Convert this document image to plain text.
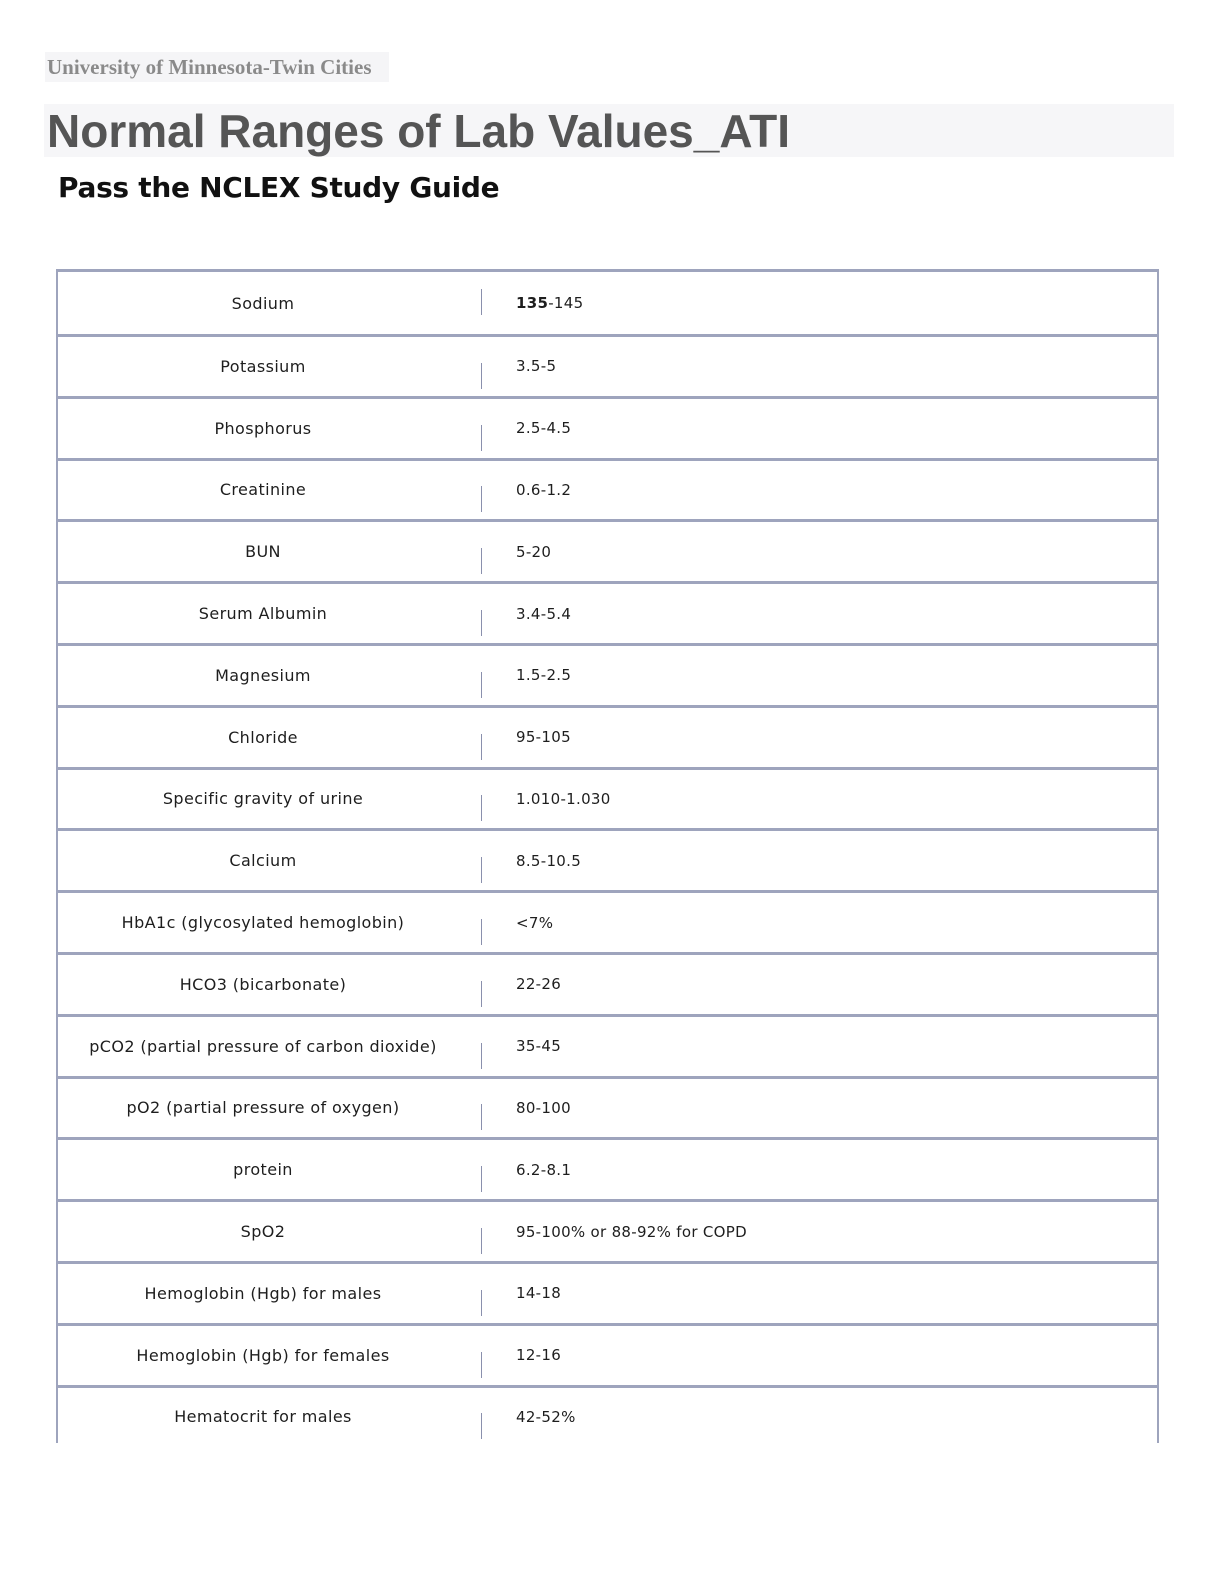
University of Minnesota-Twin Cities
Normal Ranges of Lab Values_ATI
Pass the NCLEX Study Guide
Sodium	135 -145
Potassium	3.5-5
Phosphorus	2.5-4.5
Creatinine	0.6-1.2
BUN	5-20
Serum Albumin	3.4-5.4
Magnesium	1.5-2.5
Chloride	95-105
Specific gravity of urine	1.010-1.030
Calcium	8.5-10.5
HbA1c (glycosylated hemoglobin)	<7%
HCO3 (bicarbonate)	22-26
pCO2 (partial pressure of carbon dioxide)	35-45
pO2 (partial pressure of oxygen)	80-100
protein	6.2-8.1
SpO2	95-100% or 88-92% for COPD
Hemoglobin (Hgb) for males	14-18
Hemoglobin (Hgb) for females	12-16
Hematocrit for males	42-52%
